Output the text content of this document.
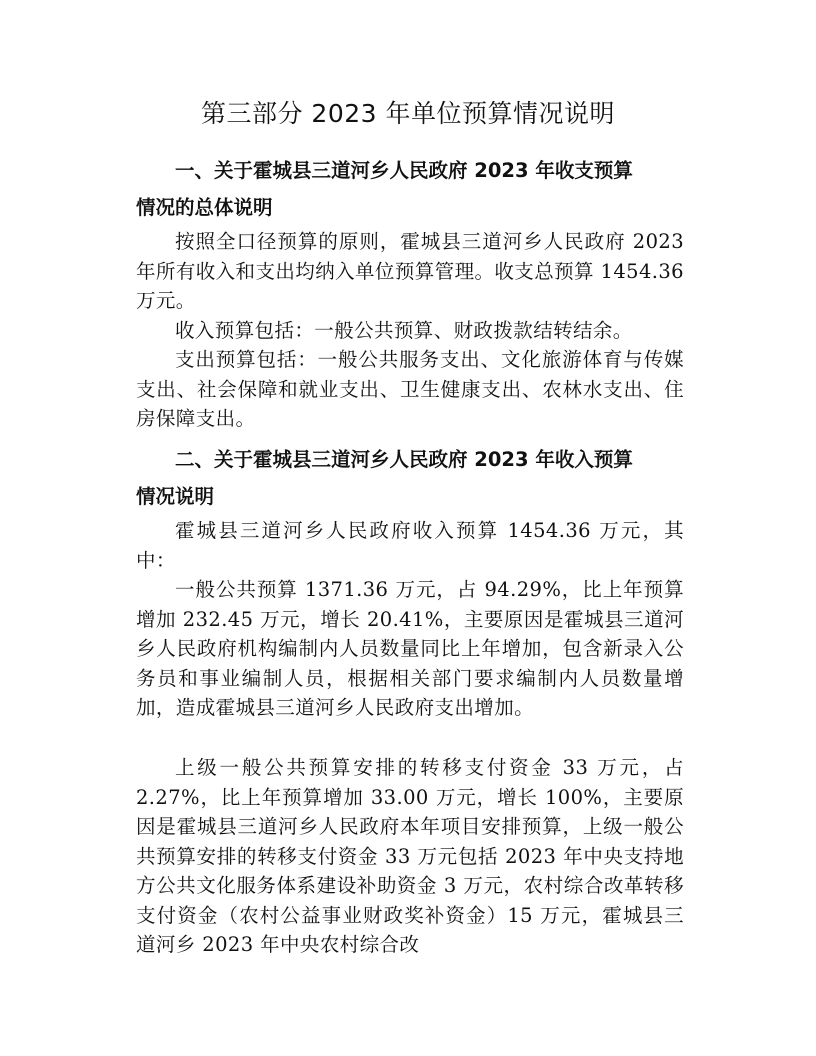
第三部分 2023 年单位预算情况说明
一、关于霍城县三道河乡人民政府 2023 年收支预算
情况的总体说明

按照全口径预算的原则，霍城县三道河乡人民政府 2023 年所有收入和支出均纳入单位预算管理。收支总预算 1454.36 万元。

收入预算包括：一般公共预算、财政拨款结转结余。

支出预算包括：一般公共服务支出、文化旅游体育与传媒支出、社会保障和就业支出、卫生健康支出、农林水支出、住房保障支出。

二、关于霍城县三道河乡人民政府 2023 年收入预算
情况说明

霍城县三道河乡人民政府收入预算 1454.36 万元，其中：

一般公共预算 1371.36 万元，占 94.29%，比上年预算增加 232.45 万元，增长 20.41%，主要原因是霍城县三道河乡人民政府机构编制内人员数量同比上年增加，包含新录入公务员和事业编制人员，根据相关部门要求编制内人员数量增加，造成霍城县三道河乡人民政府支出增加。

上级一般公共预算安排的转移支付资金 33 万元，占 2.27%，比上年预算增加 33.00 万元，增长 100%，主要原因是霍城县三道河乡人民政府本年项目安排预算，上级一般公共预算安排的转移支付资金 33 万元包括 2023 年中央支持地方公共文化服务体系建设补助资金 3 万元，农村综合改革转移支付资金（农村公益事业财政奖补资金）15 万元，霍城县三道河乡 2023 年中央农村综合改
